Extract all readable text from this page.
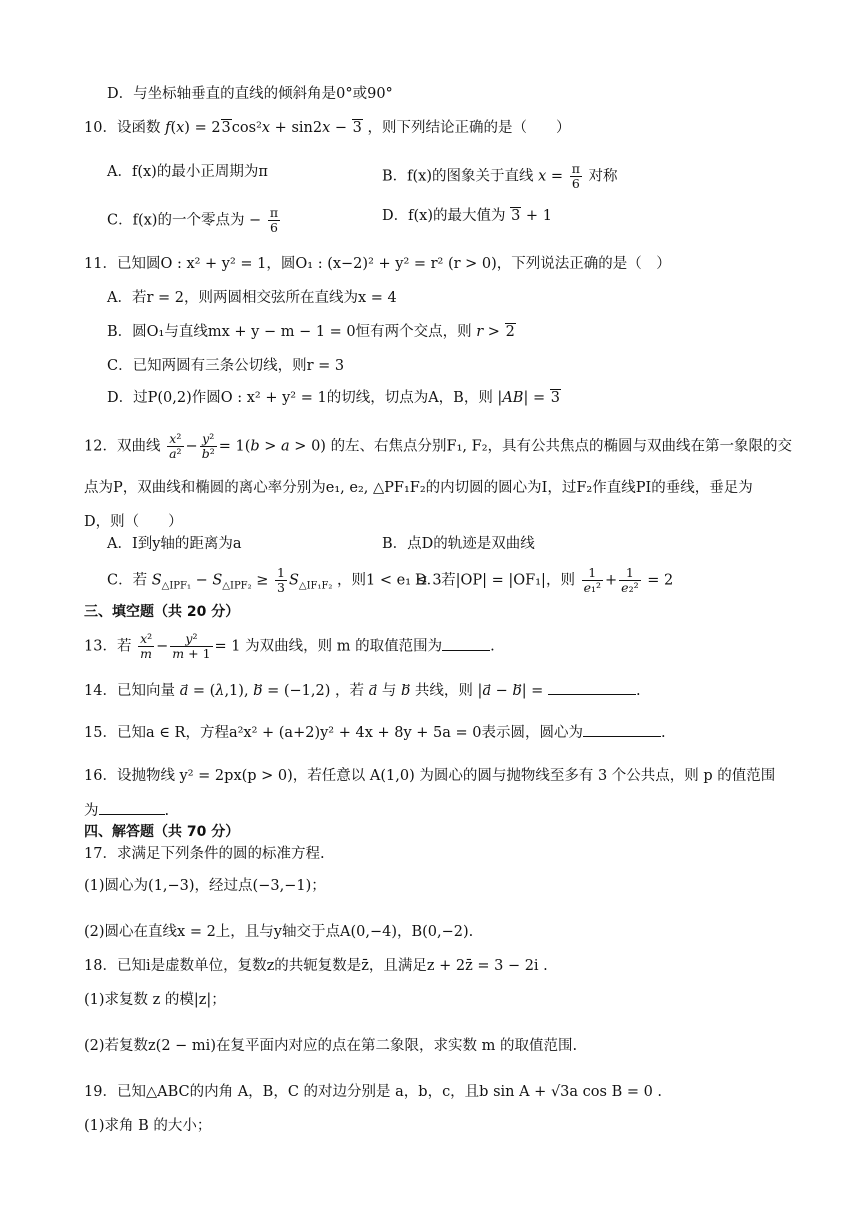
D．与坐标轴垂直的直线的倾斜角是0°或90°
10．设函数 f(x) = 23cos²x + sin2x − 3 ，则下列结论正确的是（　　）
A．f(x)的最小正周期为π	B．f(x)的图象关于直线 $x = \frac{\pi}{6}$ 对称
C．f(x)的一个零点为 − $\frac{\pi}{6}$	D．f(x)的最大值为 3 + 1
11．已知圆O : x² + y² = 1，圆O₁ : (x−2)² + y² = r² (r > 0)，下列说法正确的是（　）
A．若r = 2，则两圆相交弦所在直线为x = 4
B．圆O₁与直线mx + y − m − 1 = 0恒有两个交点，则 r > 2
C．已知两圆有三条公切线，则r = 3
D．过P(0,2)作圆O : x² + y² = 1的切线，切点为A，B，则 |AB| = 3
12．双曲线 $\frac{\text{x²}}{\text{a²}} - \frac{\text{y²}}{\text{b²}} = 1(b > a > 0)$ 的左、右焦点分别F₁, F₂，具有公共焦点的椭圆与双曲线在第一象限的交
点为P，双曲线和椭圆的离心率分别为e₁, e₂, △PF₁F₂的内切圆的圆心为I，过F₂作直线PI的垂线，垂足为
D，则（　　）
A．I到y轴的距离为a	B．点D的轨迹是双曲线
C．若 $S_{\triangle IPF_1} - S_{\triangle IPF_2} \ge \frac{1}{3} S_{\triangle IF_1F_2}$ ，则1 < e₁ ≤ 3
D．若|OP| = |OF₁|，则 $\frac{1}{\text{e₁²}} + \frac{1}{\text{e₂²}} = 2$
三、填空题（共 20 分）
13．若 $\frac{\text{x²}}{m} - \frac{\text{y²}}{m + 1} = 1$ 为双曲线，则 m 的取值范围为	.
14．已知向量 a⃗ = (λ,1), b⃗ = (−1,2) ，若 a⃗ 与 b⃗ 共线，则 |a⃗ − b⃗| =	.
15．已知a ∈ R，方程a²x² + (a+2)y² + 4x + 8y + 5a = 0表示圆，圆心为	.
16．设抛物线 y² = 2px(p > 0)，若任意以 A(1,0) 为圆心的圆与抛物线至多有 3 个公共点，则 p 的值范围
为	.
四、解答题（共 70 分）
17．求满足下列条件的圆的标准方程.
(1)圆心为(1,−3)，经过点(−3,−1)；
(2)圆心在直线x = 2上，且与y轴交于点A(0,−4)，B(0,−2).
18．已知i是虚数单位，复数z的共轭复数是z̄，且满足z + 2z̄ = 3 − 2i .
(1)求复数 z 的模|z|；
(2)若复数z(2 − mi)在复平面内对应的点在第二象限，求实数 m 的取值范围.
19．已知△ABC的内角 A，B，C 的对边分别是 a，b，c，且b sin A + √3a cos B = 0 .
(1)求角 B 的大小；
